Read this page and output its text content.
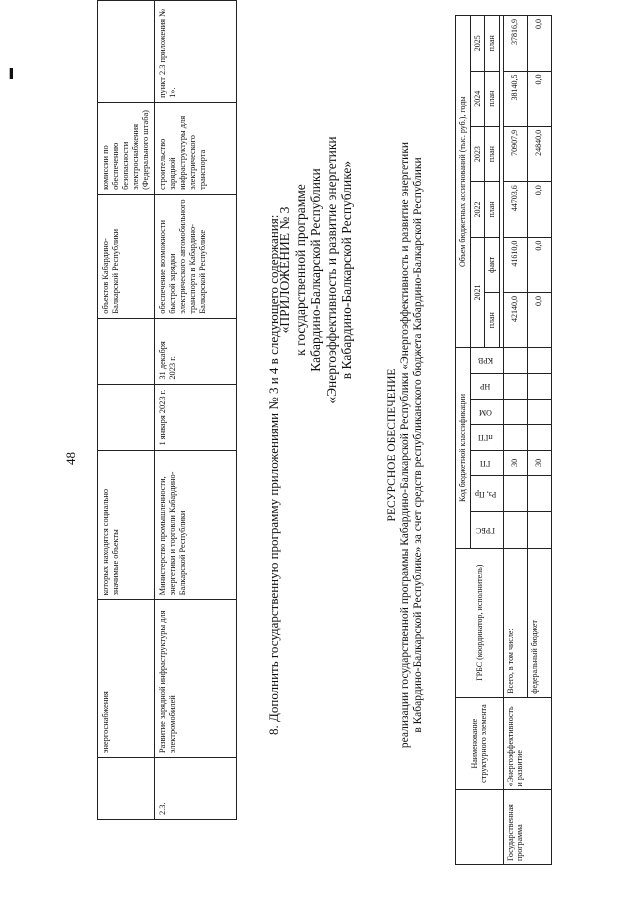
▬
48
	энергоснабжения	которых находятся социально значимые объекты			объектов Кабардино-Балкарской Республики	комиссии по обеспечению безопасности электроснабжения (Федерального штаба)	
2.3.	Развитие зарядной инфраструктуры для электромобилей	Министерство промышленности, энергетики и торговли Кабардино-Балкарской Республики	1 января 2023 г.	31 декабря 2023 г.	обеспечение возможности быстрой зарядки электрического автомобильного транспорта в Кабардино-Балкарской Республике	строительство зарядной инфраструктуры для электрического транспорта	пункт 2.3 приложения № 1».
8. Дополнить государственную программу приложениями № 3 и 4 в следующего содержания:
«ПРИЛОЖЕНИЕ № 3 к государственной программе Кабардино-Балкарской Республики «Энергоэффективность и развитие энергетики в Кабардино-Балкарской Республике»
РЕСУРСНОЕ ОБЕСПЕЧЕНИЕ реализации государственной программы Кабардино-Балкарской Республики «Энергоэффективность и развитие энергетики в Кабардино-Балкарской Республике» за счет средств республиканского бюджета Кабардино-Балкарской Республики
	Наименование структурного элемента	ГРБС (координатор, исполнитель)	Код бюджетной классификации							Объем бюджетных ассигнований (тыс. руб.), годы					
			ГРБС	Рз, Пр	ГП	пГП	ОМ	НР	КРВ	2021		2022	2023	2024	2025
										план	факт	план	план	план	план

Государственная программа	«Энергоэффективность и развитие	Всего, в том числе:			30					42140,0	41610,0	44703,6	70907,9	38140,5	37816,9
		федеральный бюджет			30					0,0	0,0	0,0	24840,0	0,0	0,0
